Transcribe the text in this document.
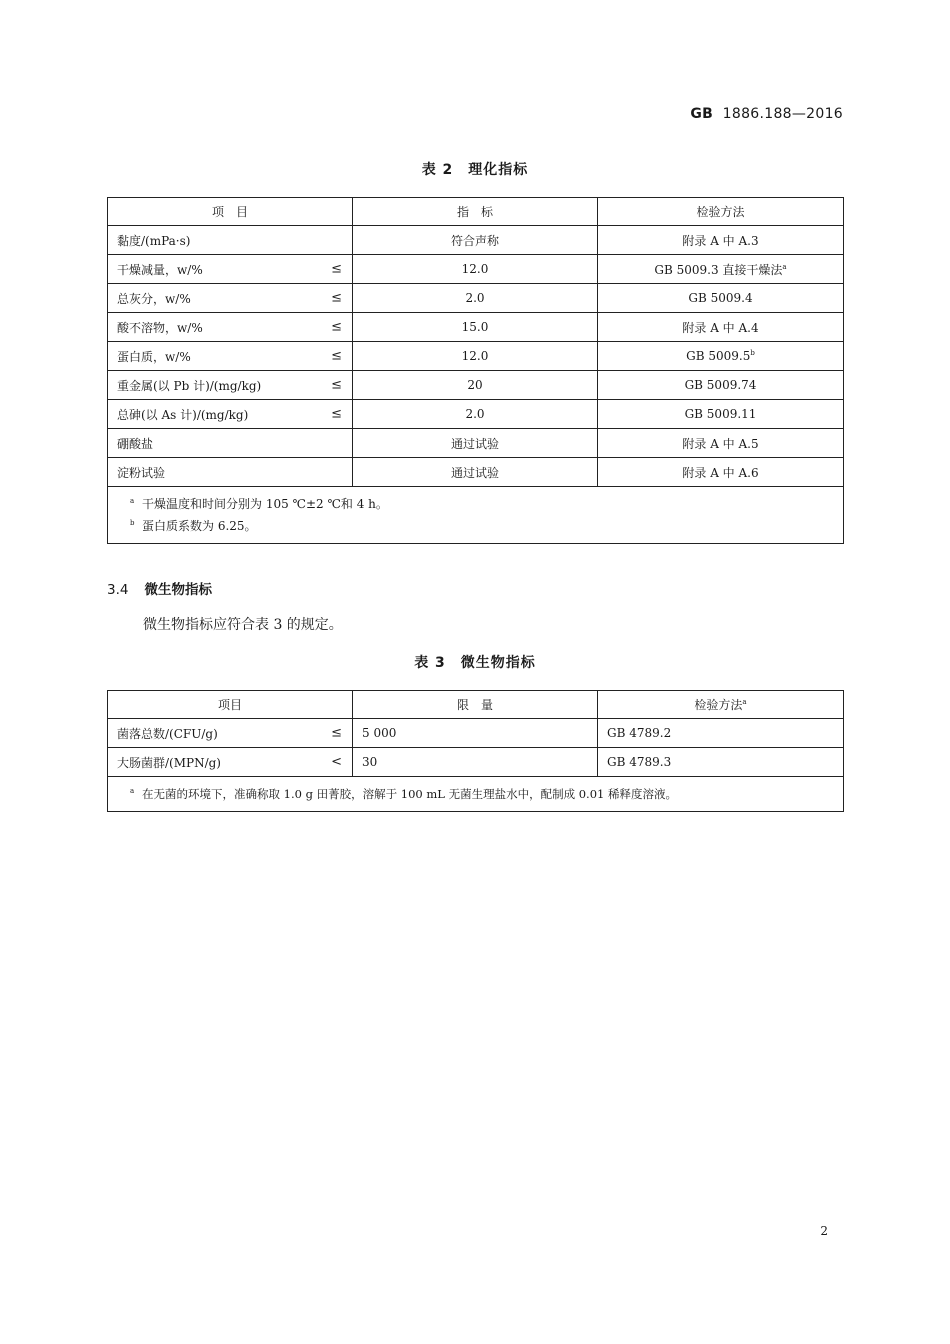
GB 1886.188—2016
表 2　理化指标
项　目	指　标	检验方法
黏度/(mPa·s)	符合声称	附录 A 中 A.3
干燥减量，w/% ≤	12.0	GB 5009.3 直接干燥法$^a$
总灰分，w/% ≤	2.0	GB 5009.4
酸不溶物，w/% ≤	15.0	附录 A 中 A.4
蛋白质，w/% ≤	12.0	GB 5009.5$^b$
重金属(以 Pb 计)/(mg/kg) ≤	20	GB 5009.74
总砷(以 As 计)/(mg/kg) ≤	2.0	GB 5009.11
硼酸盐	通过试验	附录 A 中 A.5
淀粉试验	通过试验	附录 A 中 A.6

a 干燥温度和时间分别为 105 ℃±2 ℃和 4 h。
b 蛋白质系数为 6.25。		
3.4 微生物指标
微生物指标应符合表 3 的规定。
表 3　微生物指标
项目	限　量	检验方法$^a$
菌落总数/(CFU/g) ≤	5 000	GB 4789.2
大肠菌群/(MPN/g) <	30	GB 4789.3

a 在无菌的环境下，准确称取 1.0 g 田菁胶，溶解于 100 mL 无菌生理盐水中，配制成 0.01 稀释度溶液。		
2
